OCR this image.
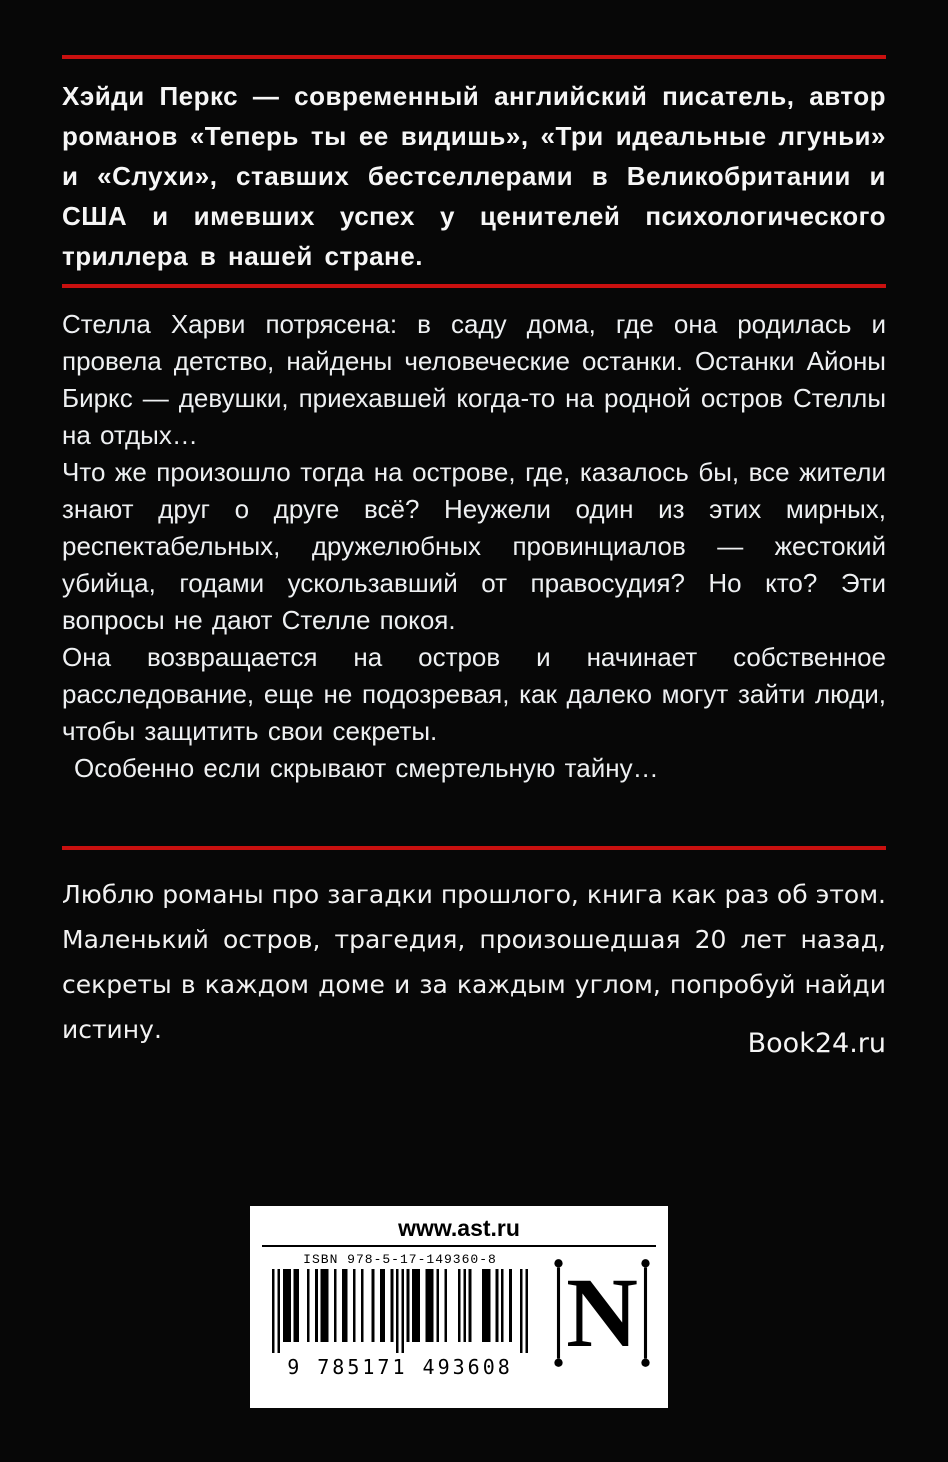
Хэйди Перкс — современный английский писатель, автор романов «Теперь ты ее видишь», «Три идеальные лгуньи» и «Слухи», ставших бестселлерами в Великобритании и США и имевших успех у ценителей психологического триллера в нашей стране.

Стелла Харви потрясена: в саду дома, где она родилась и провела детство, найдены человеческие останки. Останки Айоны Биркс — девушки, приехавшей когда-то на родной остров Стеллы на отдых…

Что же произошло тогда на острове, где, казалось бы, все жители знают друг о друге всё? Неужели один из этих мирных, респектабельных, дружелюбных провинциалов — жестокий убийца, годами ускользавший от правосудия? Но кто? Эти вопросы не дают Стелле покоя.

Она возвращается на остров и начинает собственное расследование, еще не подозревая, как далеко могут зайти люди, чтобы защитить свои секреты.

Особенно если скрывают смертельную тайну…

Люблю романы про загадки прошлого, книга как раз об этом. Маленький остров, трагедия, произошедшая 20 лет назад, секреты в каждом доме и за каждым углом, попробуй найди истину.	Book24.ru

www.ast.ru
ISBN 978-5-17-149360-8
9 785171 493608 N
